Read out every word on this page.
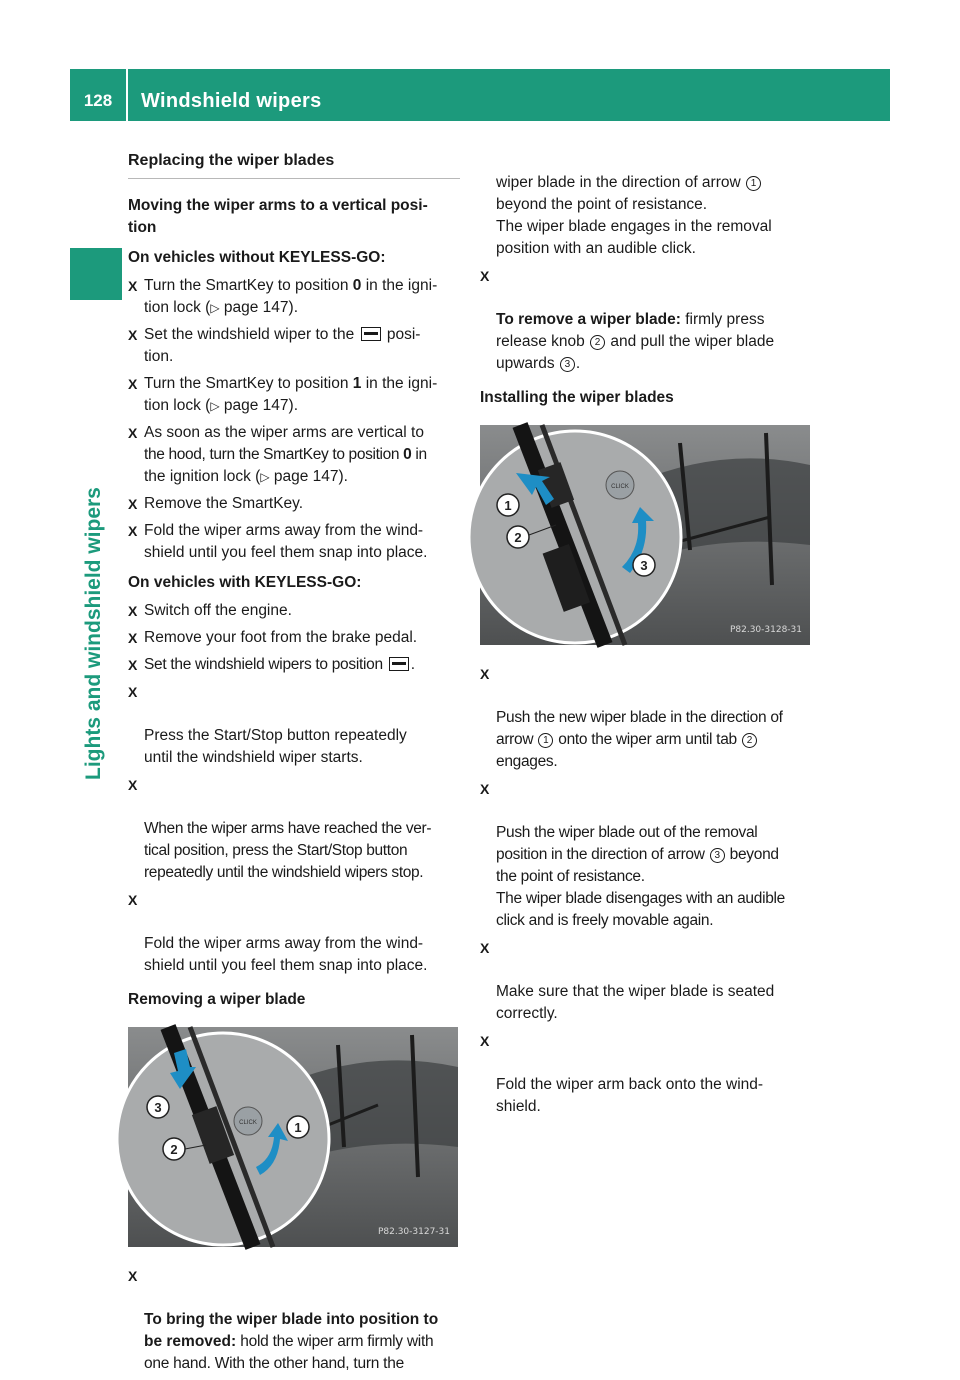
128	Windshield wipers
Lights and windshield wipers
Replacing the wiper blades
Moving the wiper arms to a vertical posi-
tion
On vehicles without KEYLESS-GO:
X Turn the SmartKey to position 0 in the igni-
tion lock (▷ page 147).
X Set the windshield wiper to the  posi-
tion.
X Turn the SmartKey to position 1 in the igni-
tion lock (▷ page 147).
X As soon as the wiper arms are vertical to
the hood, turn the SmartKey to position 0 in
the ignition lock (▷ page 147).
X Remove the SmartKey.
X Fold the wiper arms away from the wind-
shield until you feel them snap into place.
On vehicles with KEYLESS-GO:
X Switch off the engine.
X Remove your foot from the brake pedal.
X Set the windshield wipers to position .

X

Press the Start/Stop button repeatedly
until the windshield wiper starts.

X

When the wiper arms have reached the ver-
tical position, press the Start/Stop button
repeatedly until the windshield wipers stop.

X

Fold the wiper arms away from the wind-
shield until you feel them snap into place.

Removing a wiper blade
CLICK
3
2
1
P82.30-3127-31

X

To bring the wiper blade into position to
be removed: hold the wiper arm firmly with
one hand. With the other hand, turn the

wiper blade in the direction of arrow 1
beyond the point of resistance.
The wiper blade engages in the removal
position with an audible click.

X

To remove a wiper blade: firmly press
release knob 2 and pull the wiper blade
upwards 3 .

Installing the wiper blades
CLICK
1
2
3
P82.30-3128-31

X

Push the new wiper blade in the direction of
arrow 1 onto the wiper arm until tab 2
engages.

X

Push the wiper blade out of the removal
position in the direction of arrow 3 beyond
the point of resistance.
The wiper blade disengages with an audible
click and is freely movable again.

X

Make sure that the wiper blade is seated
correctly.

X

Fold the wiper arm back onto the wind-
shield.
